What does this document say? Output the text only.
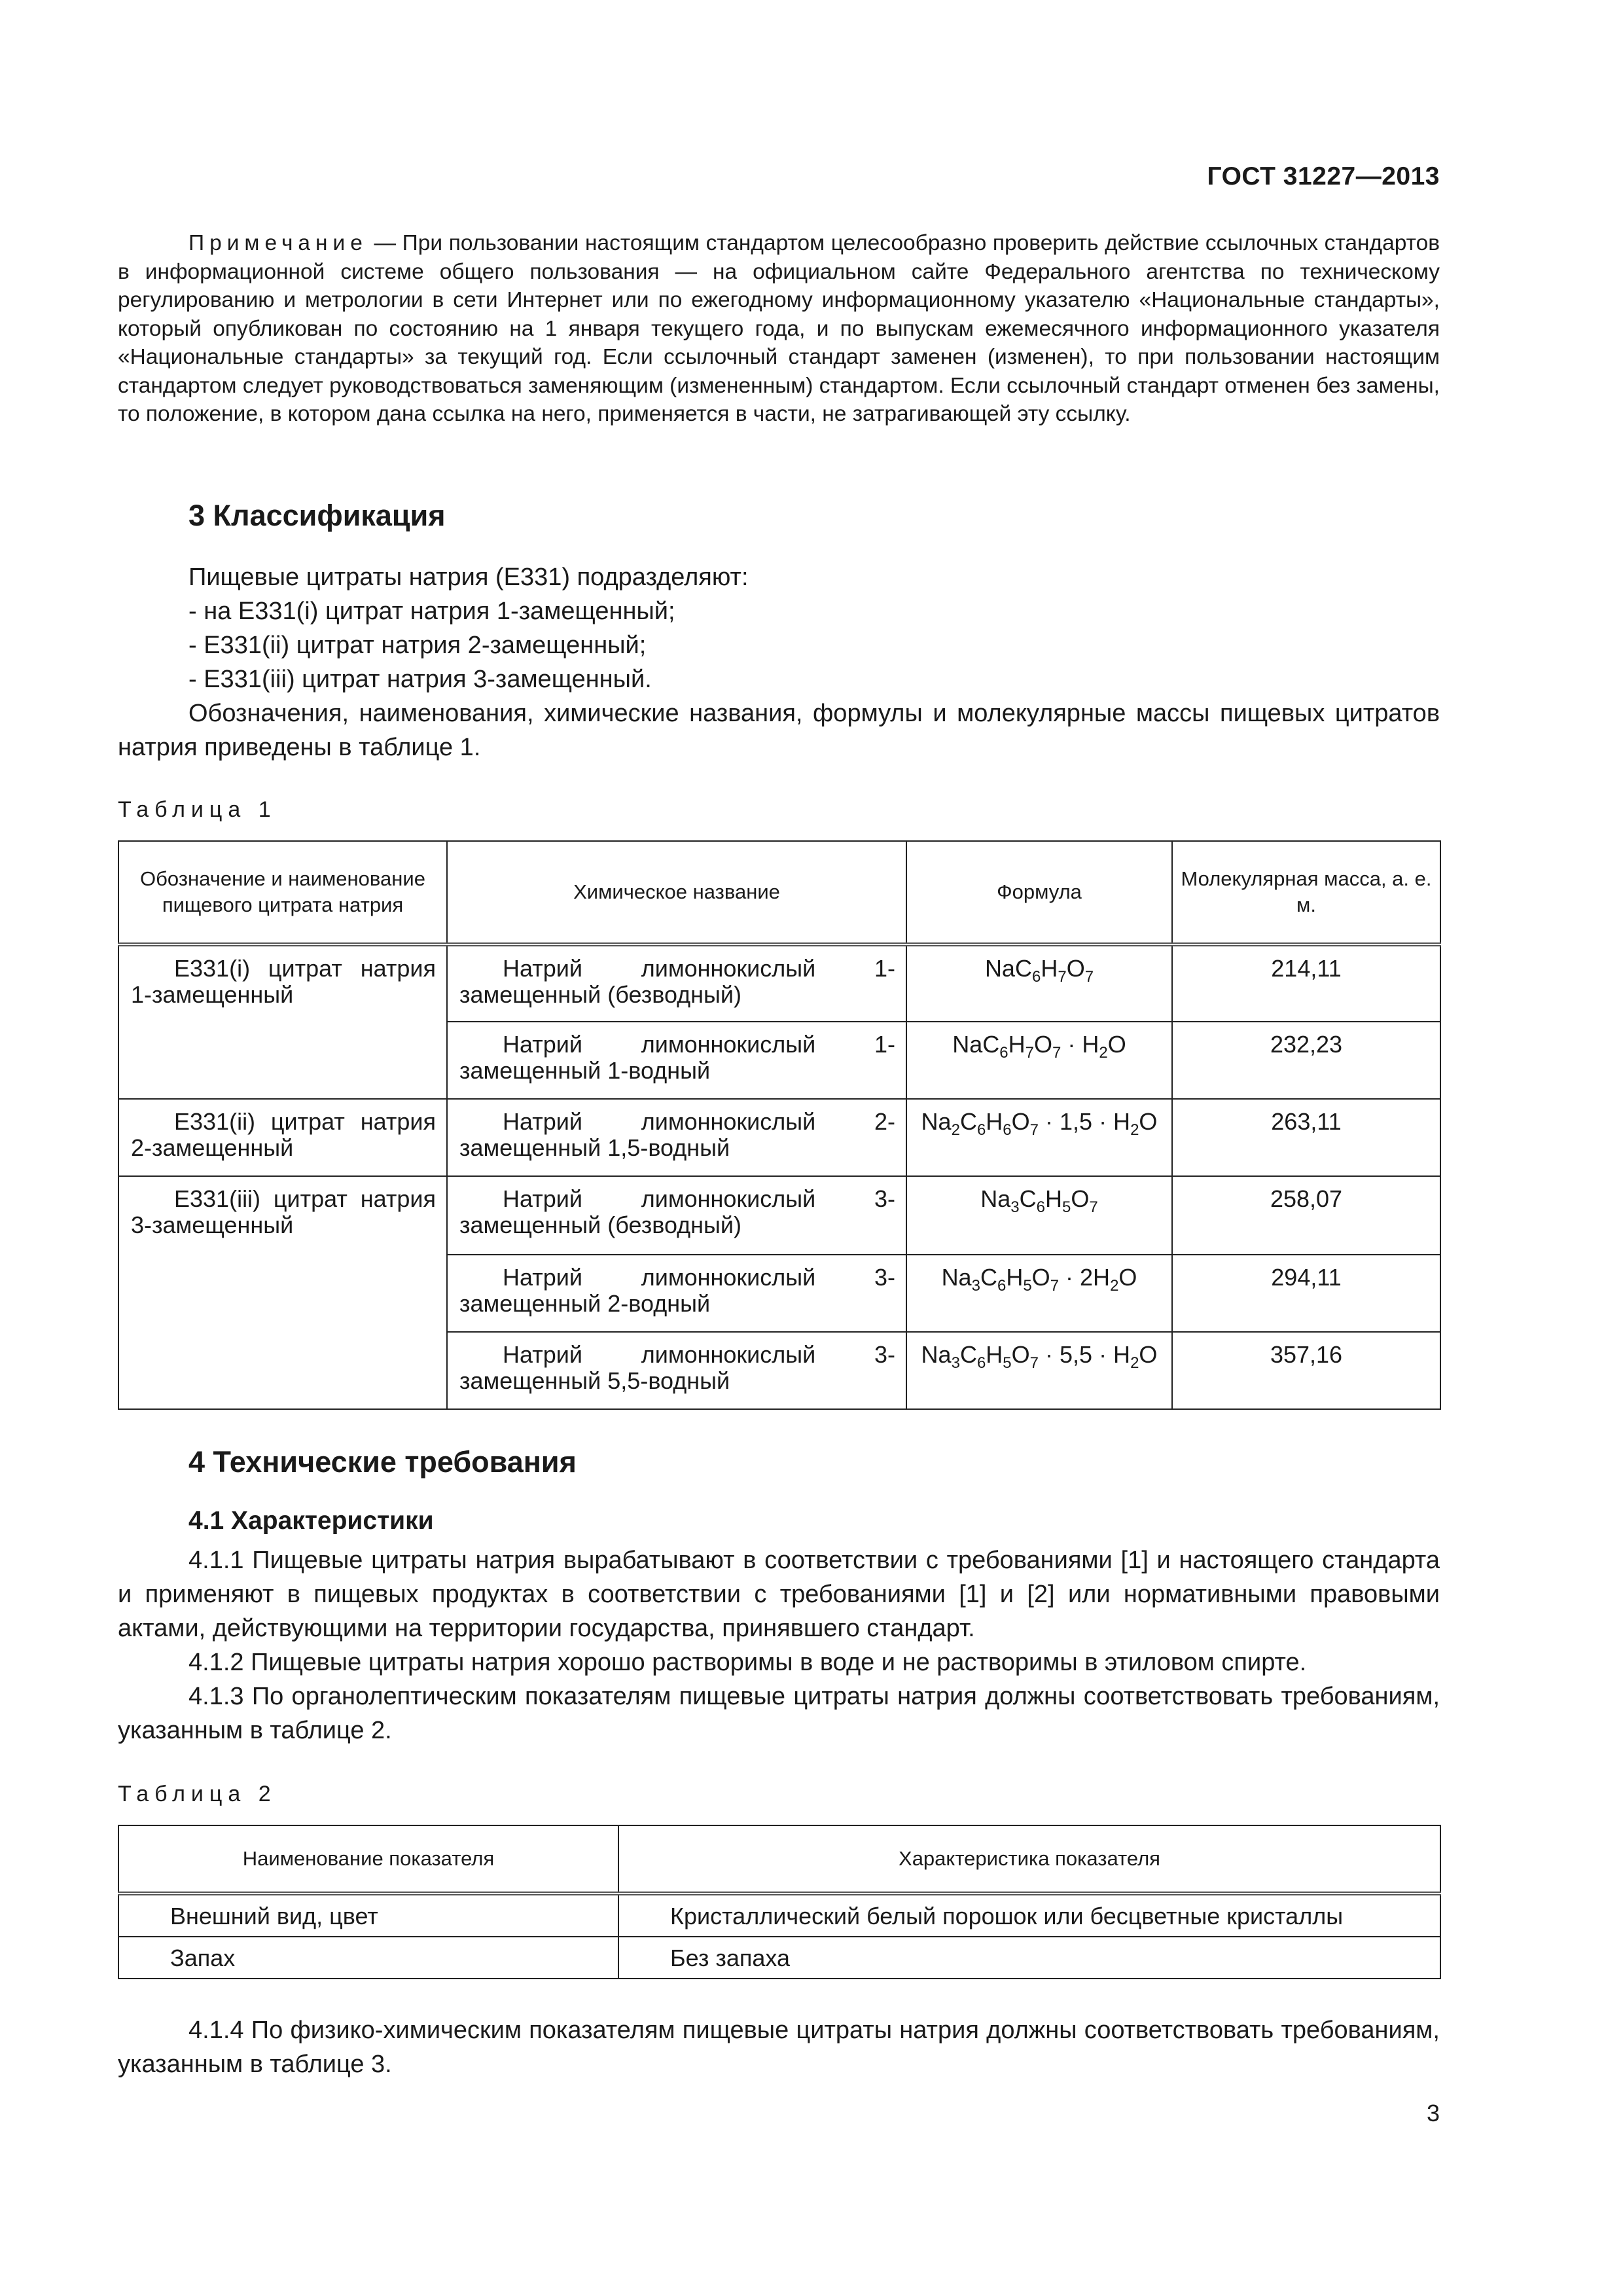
ГОСТ 31227—2013
Примечание — При пользовании настоящим стандартом целесообразно проверить действие ссылочных стандартов в информационной системе общего пользования — на официальном сайте Федерального агентства по техническому регулированию и метрологии в сети Интернет или по ежегодному информационному указателю «Национальные стандарты», который опубликован по состоянию на 1 января текущего года, и по выпускам ежемесячного информационного указателя «Национальные стандарты» за текущий год. Если ссылочный стандарт заменен (изменен), то при пользовании настоящим стандартом следует руководствоваться заменяющим (измененным) стандартом. Если ссылочный стандарт отменен без замены, то положение, в котором дана ссылка на него, применяется в части, не затрагивающей эту ссылку.
3 Классификация

Пищевые цитраты натрия (Е331) подразделяют:

- на Е331(i) цитрат натрия 1-замещенный;

- Е331(ii) цитрат натрия 2-замещенный;

- Е331(iii) цитрат натрия 3-замещенный.

Обозначения, наименования, химические названия, формулы и молекулярные массы пищевых цитратов натрия приведены в таблице 1.

Таблица 1
Обозначение и наименование пищевого цитрата натрия	Химическое название	Формула	Молекулярная масса, а. е. м.
Е331(i) цитрат натрия 1-замещенный	Натрий лимоннокислый 1-замещенный (безводный)	$NaC_6H_7O_7$	214,11
	Натрий лимоннокислый 1-замещенный 1-водный	$NaC_6H_7O_7 \cdot H_2O$	232,23
Е331(ii) цитрат натрия 2-замещенный	Натрий лимоннокислый 2-замещенный 1,5-водный	$Na_2C_6H_6O_7 \cdot 1,5 \cdot H_2O$	263,11
Е331(iii) цитрат натрия 3-замещенный	Натрий лимоннокислый 3-замещенный (безводный)	$Na_3C_6H_5O_7$	258,07
	Натрий лимоннокислый 3-замещенный 2-водный	$Na_3C_6H_5O_7 \cdot 2H_2O$	294,11
	Натрий лимоннокислый 3-замещенный 5,5-водный	$Na_3C_6H_5O_7 \cdot 5,5 \cdot H_2O$	357,16
4 Технические требования
4.1 Характеристики

4.1.1 Пищевые цитраты натрия вырабатывают в соответствии с требованиями [1] и настоящего стандарта и применяют в пищевых продуктах в соответствии с требованиями [1] и [2] или нормативными правовыми актами, действующими на территории государства, принявшего стандарт.

4.1.2 Пищевые цитраты натрия хорошо растворимы в воде и не растворимы в этиловом спирте.

4.1.3 По органолептическим показателям пищевые цитраты натрия должны соответствовать требованиям, указанным в таблице 2.

Таблица 2
Наименование показателя	Характеристика показателя
Внешний вид, цвет	Кристаллический белый порошок или бесцветные кристаллы
Запах	Без запаха

4.1.4 По физико-химическим показателям пищевые цитраты натрия должны соответствовать требованиям, указанным в таблице 3.

3
